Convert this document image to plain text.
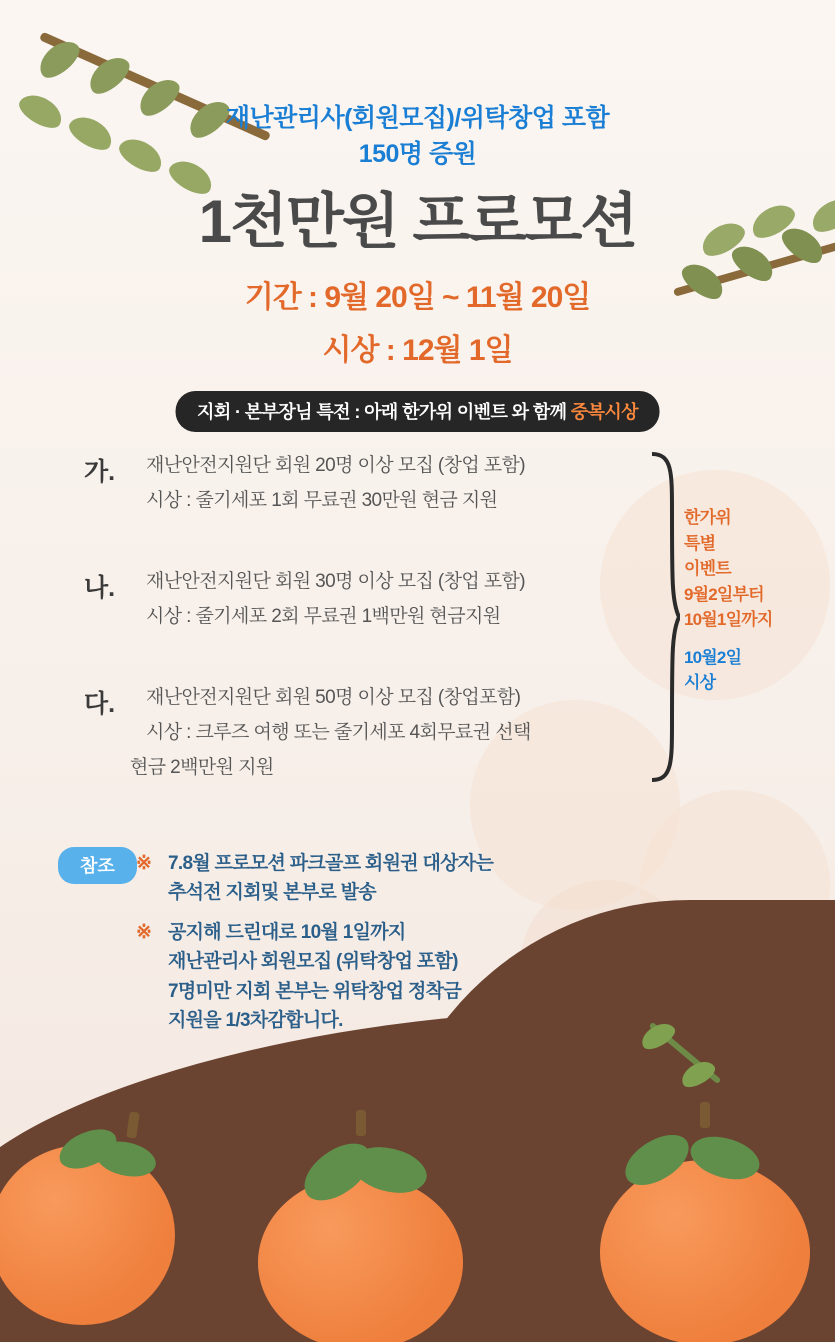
재난관리사(회원모집)/위탁창업 포함
150명 증원
1천만원 프로모션
기간 : 9월 20일 ~ 11월 20일
시상 : 12월 1일
지회 · 본부장님 특전 : 아래 한가위 이벤트 와 함께 중복시상
가.	재난안전지원단 회원 20명 이상 모집 (창업 포함)
시상 : 줄기세포 1회 무료권 30만원 현금 지원
나.	재난안전지원단 회원 30명 이상 모집 (창업 포함)
시상 : 줄기세포 2회 무료권 1백만원 현금지원
다.	재난안전지원단 회원 50명 이상 모집 (창업포함)
시상 : 크루즈 여행 또는 줄기세포 4회무료권 선택
현금 2백만원 지원
한가위
특별
이벤트
9월2일부터
10월1일까지
10월2일
시상
참조	※ 7.8월 프로모션 파크골프 회원권 대상자는
추석전 지회및 본부로 발송
※ 공지해 드린대로 10월 1일까지
재난관리사 회원모집 (위탁창업 포함)
7명미만 지회 본부는 위탁창업 정착금
지원을 1/3차감합니다.
